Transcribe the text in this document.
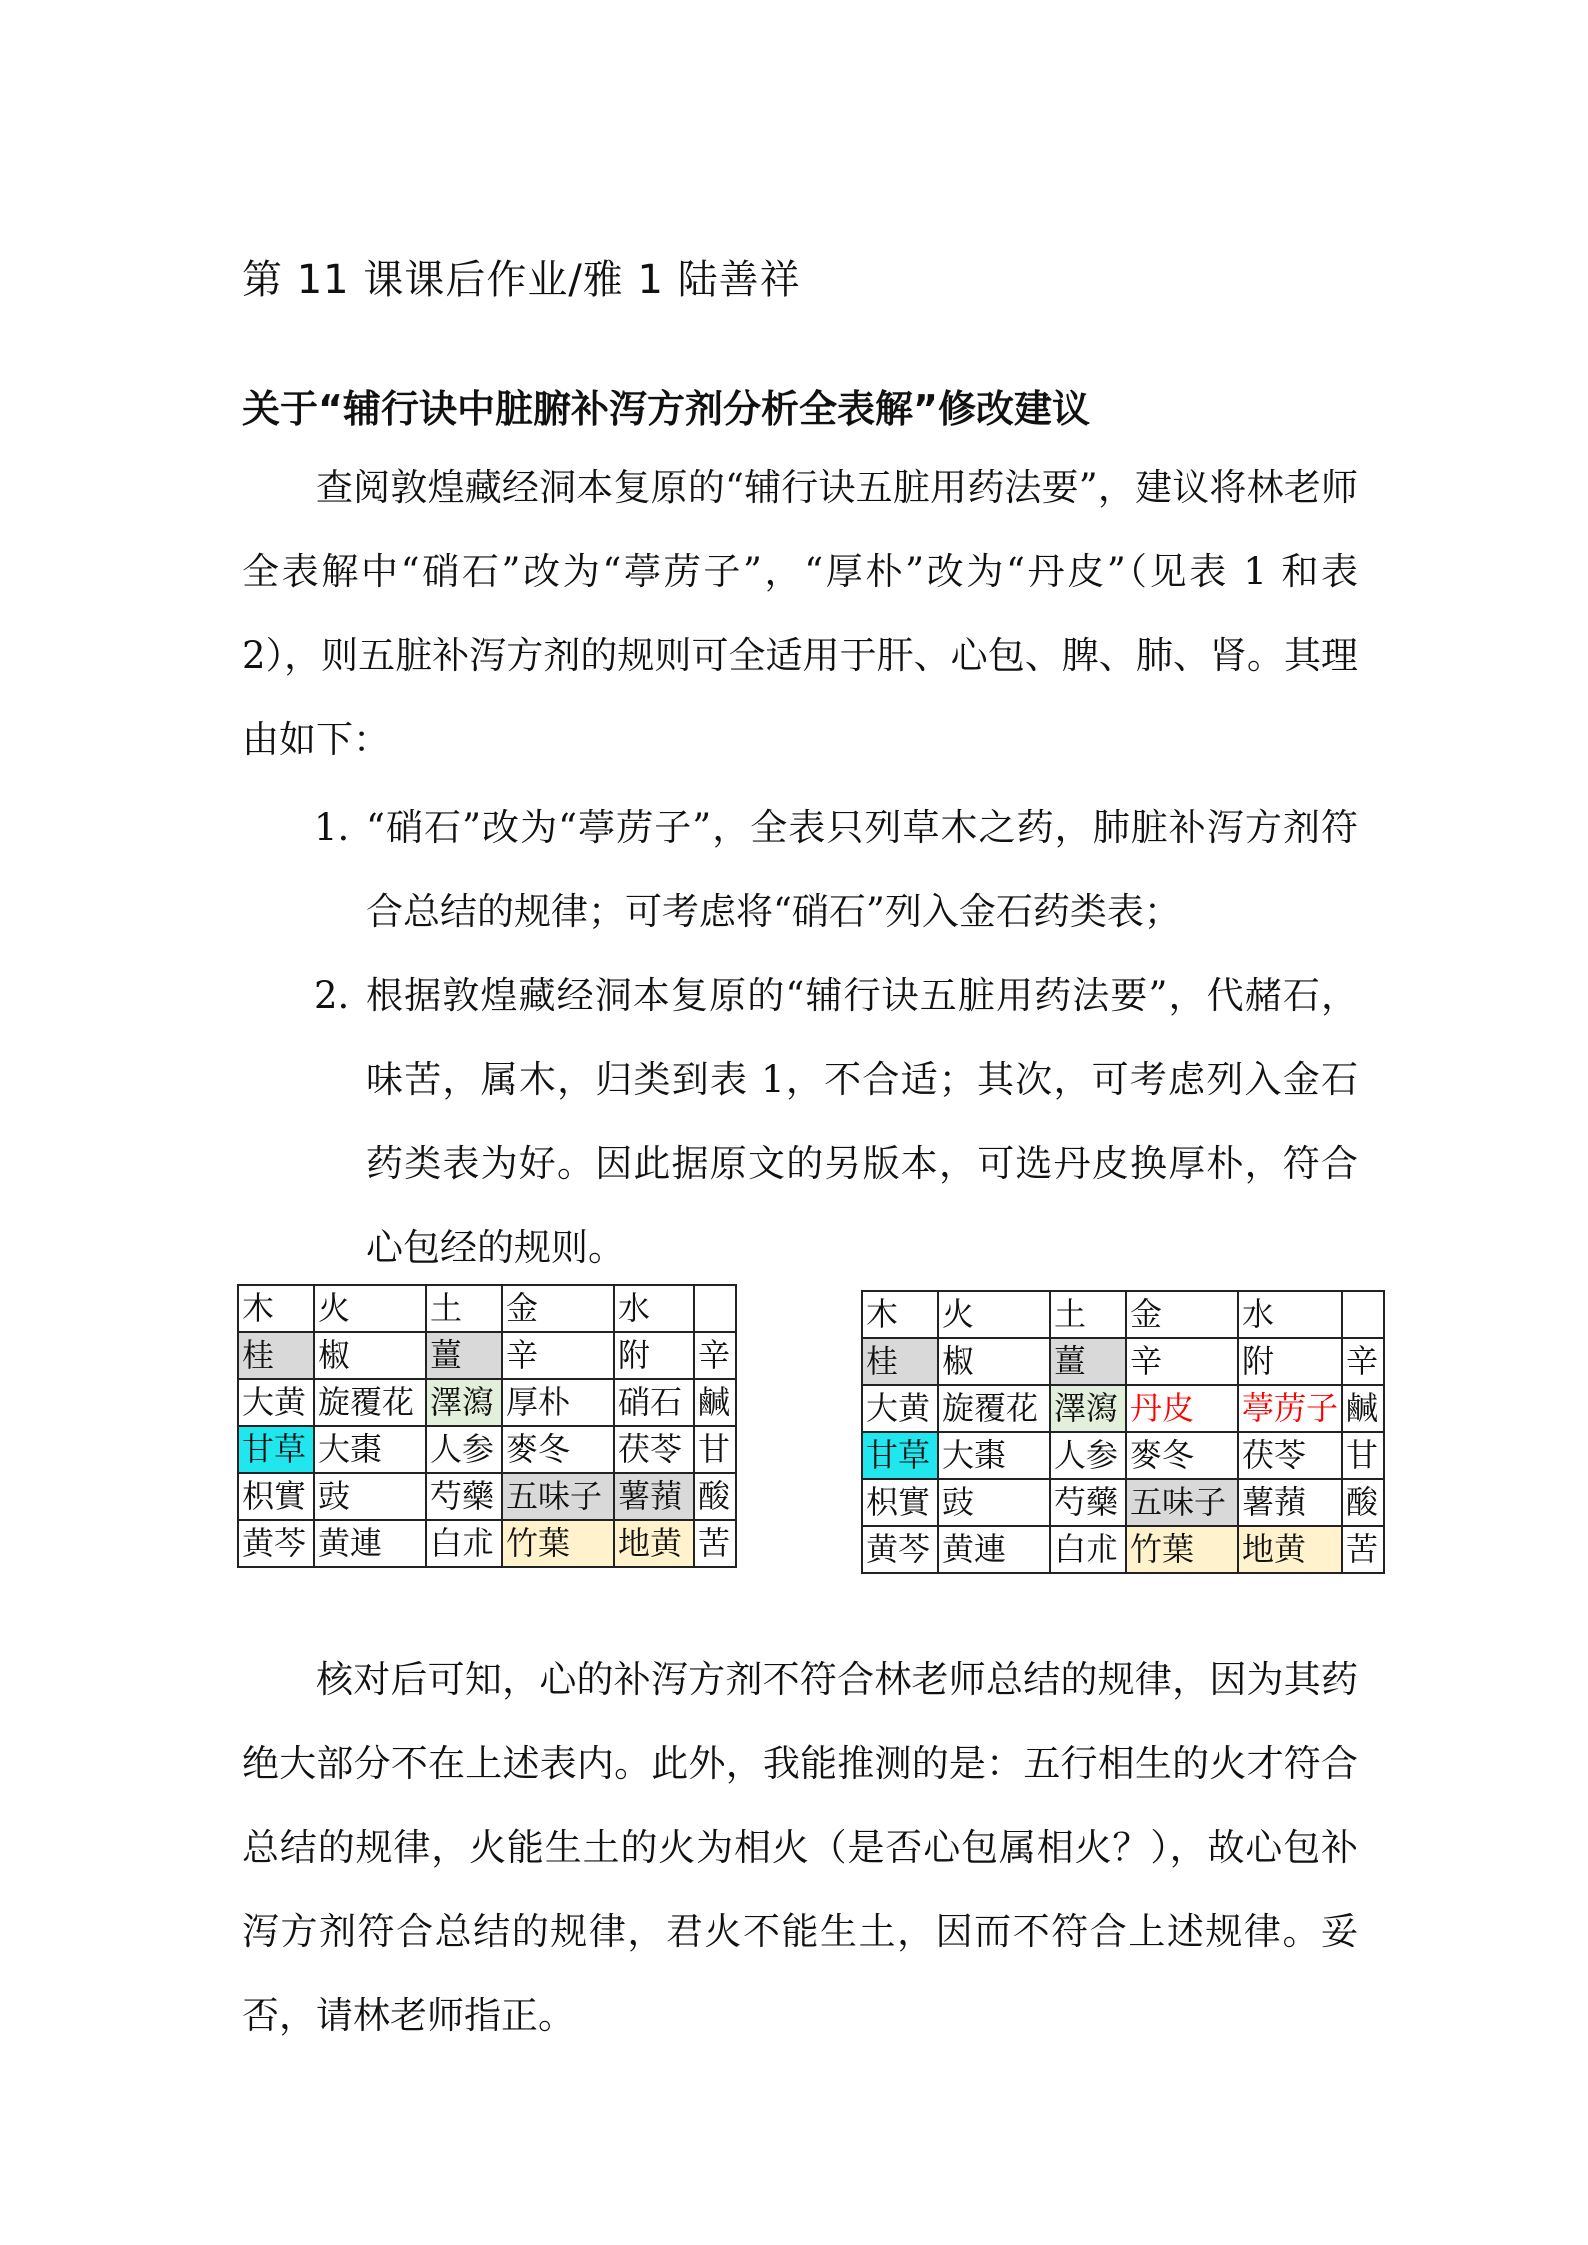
第 11 课课后作业/雅 1 陆善祥
关于“辅行诀中脏腑补泻方剂分析全表解”修改建议
查阅敦煌藏经洞本复原的“辅行诀五脏用药法要”，建议将林老师全表解中“硝石”改为“葶苈子”，“厚朴”改为“丹皮”（见表 1 和表 2），则五脏补泻方剂的规则可全适用于肝、心包、脾、肺、肾。其理由如下：
1. “硝石”改为“葶苈子”，全表只列草木之药，肺脏补泻方剂符合总结的规律；可考虑将“硝石”列入金石药类表；
2. 根据敦煌藏经洞本复原的“辅行诀五脏用药法要”，代赭石，味苦，属木，归类到表 1，不合适；其次，可考虑列入金石药类表为好。因此据原文的另版本，可选丹皮换厚朴，符合心包经的规则。
木	火	土	金	水	
桂	椒	薑	辛	附	辛
大黄	旋覆花	澤瀉	厚朴	硝石	鹹
甘草	大棗	人参	麥冬	茯苓	甘
枳實	豉	芍藥	五味子	薯蕷	酸
黄芩	黄連	白朮	竹葉	地黄	苦
木	火	土	金	水	
桂	椒	薑	辛	附	辛
大黄	旋覆花	澤瀉	丹皮	葶苈子	鹹
甘草	大棗	人参	麥冬	茯苓	甘
枳實	豉	芍藥	五味子	薯蕷	酸
黄芩	黄連	白朮	竹葉	地黄	苦
核对后可知，心的补泻方剂不符合林老师总结的规律，因为其药绝大部分不在上述表内。此外，我能推测的是：五行相生的火才符合总结的规律，火能生土的火为相火（是否心包属相火？），故心包补泻方剂符合总结的规律，君火不能生土，因而不符合上述规律。妥否，请林老师指正。
